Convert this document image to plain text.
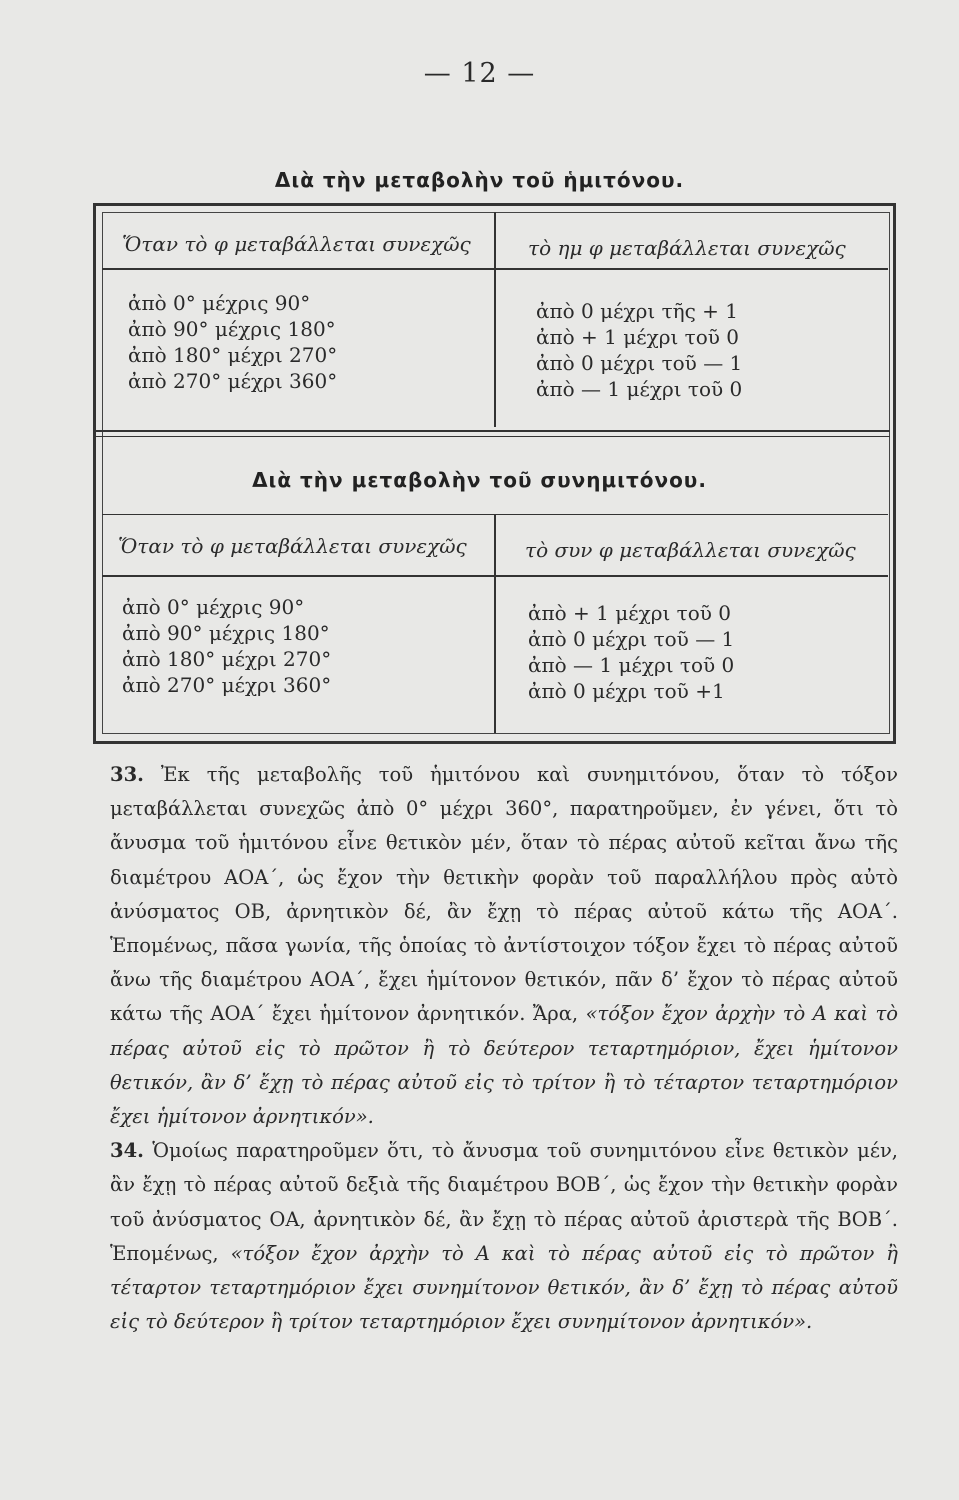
— 12 —
Διὰ τὴν μεταβολὴν τοῦ ἡμιτόνου.
Ὅταν τὸ φ μεταβάλλεται συνεχῶς	τὸ ημ φ μεταβάλλεται συνεχῶς
ἀπὸ 0° μέχρις 90°
ἀπὸ 90° μέχρις 180°
ἀπὸ 180° μέχρι 270°
ἀπὸ 270° μέχρι 360°
ἀπὸ 0 μέχρι τῆς + 1
ἀπὸ + 1 μέχρι τοῦ 0
ἀπὸ 0 μέχρι τοῦ — 1
ἀπὸ — 1 μέχρι τοῦ 0
Διὰ τὴν μεταβολὴν τοῦ συνημιτόνου.
Ὅταν τὸ φ μεταβάλλεται συνεχῶς	τὸ συν φ μεταβάλλεται συνεχῶς
ἀπὸ 0° μέχρις 90°
ἀπὸ 90° μέχρις 180°
ἀπὸ 180° μέχρι 270°
ἀπὸ 270° μέχρι 360°
ἀπὸ + 1 μέχρι τοῦ 0
ἀπὸ 0 μέχρι τοῦ — 1
ἀπὸ — 1 μέχρι τοῦ 0
ἀπὸ 0 μέχρι τοῦ +1

33. Ἐκ τῆς μεταβολῆς τοῦ ἡμιτόνου καὶ συνημιτόνου, ὅταν τὸ τόξον μεταβάλλεται συνεχῶς ἀπὸ 0° μέχρι 360°, παρατηροῦμεν, ἐν γένει, ὅτι τὸ ἄνυσμα τοῦ ἡμιτόνου εἶνε θετικὸν μέν, ὅταν τὸ πέρας αὐτοῦ κεῖται ἄνω τῆς διαμέτρου ΑΟΑ΄, ὡς ἔχον τὴν θετικὴν φορὰν τοῦ παραλλήλου πρὸς αὐτὸ ἀνύσματος ΟΒ, ἀρνητικὸν δέ, ἂν ἔχῃ τὸ πέρας αὐτοῦ κάτω τῆς ΑΟΑ΄. Ἑπομένως, πᾶσα γωνία, τῆς ὁποίας τὸ ἀντίστοιχον τόξον ἔχει τὸ πέρας αὐτοῦ ἄνω τῆς διαμέτρου ΑΟΑ΄, ἔχει ἡμίτονον θετικόν, πᾶν δ’ ἔχον τὸ πέρας αὐτοῦ κάτω τῆς ΑΟΑ΄ ἔχει ἡμίτονον ἀρνητικόν. Ἄρα, «τόξον ἔχον ἀρχὴν τὸ Α καὶ τὸ πέρας αὐτοῦ εἰς τὸ πρῶτον ἢ τὸ δεύτερον τεταρτημόριον, ἔχει ἡμίτονον θετικόν, ἂν δ’ ἔχῃ τὸ πέρας αὐτοῦ εἰς τὸ τρίτον ἢ τὸ τέταρτον τεταρτημόριον ἔχει ἡμίτονον ἀρνητικόν».

34. Ὁμοίως παρατηροῦμεν ὅτι, τὸ ἄνυσμα τοῦ συνημιτόνου εἶνε θετικὸν μέν, ἂν ἔχῃ τὸ πέρας αὐτοῦ δεξιὰ τῆς διαμέτρου ΒΟΒ΄, ὡς ἔχον τὴν θετικὴν φορὰν τοῦ ἀνύσματος ΟΑ, ἀρνητικὸν δέ, ἂν ἔχῃ τὸ πέρας αὐτοῦ ἀριστερὰ τῆς ΒΟΒ΄. Ἑπομένως, «τόξον ἔχον ἀρχὴν τὸ Α καὶ τὸ πέρας αὐτοῦ εἰς τὸ πρῶτον ἢ τέταρτον τεταρτημόριον ἔχει συνημίτονον θετικόν, ἂν δ’ ἔχῃ τὸ πέρας αὐτοῦ εἰς τὸ δεύτερον ἢ τρίτον τεταρτημόριον ἔχει συνημίτονον ἀρνητικόν».
